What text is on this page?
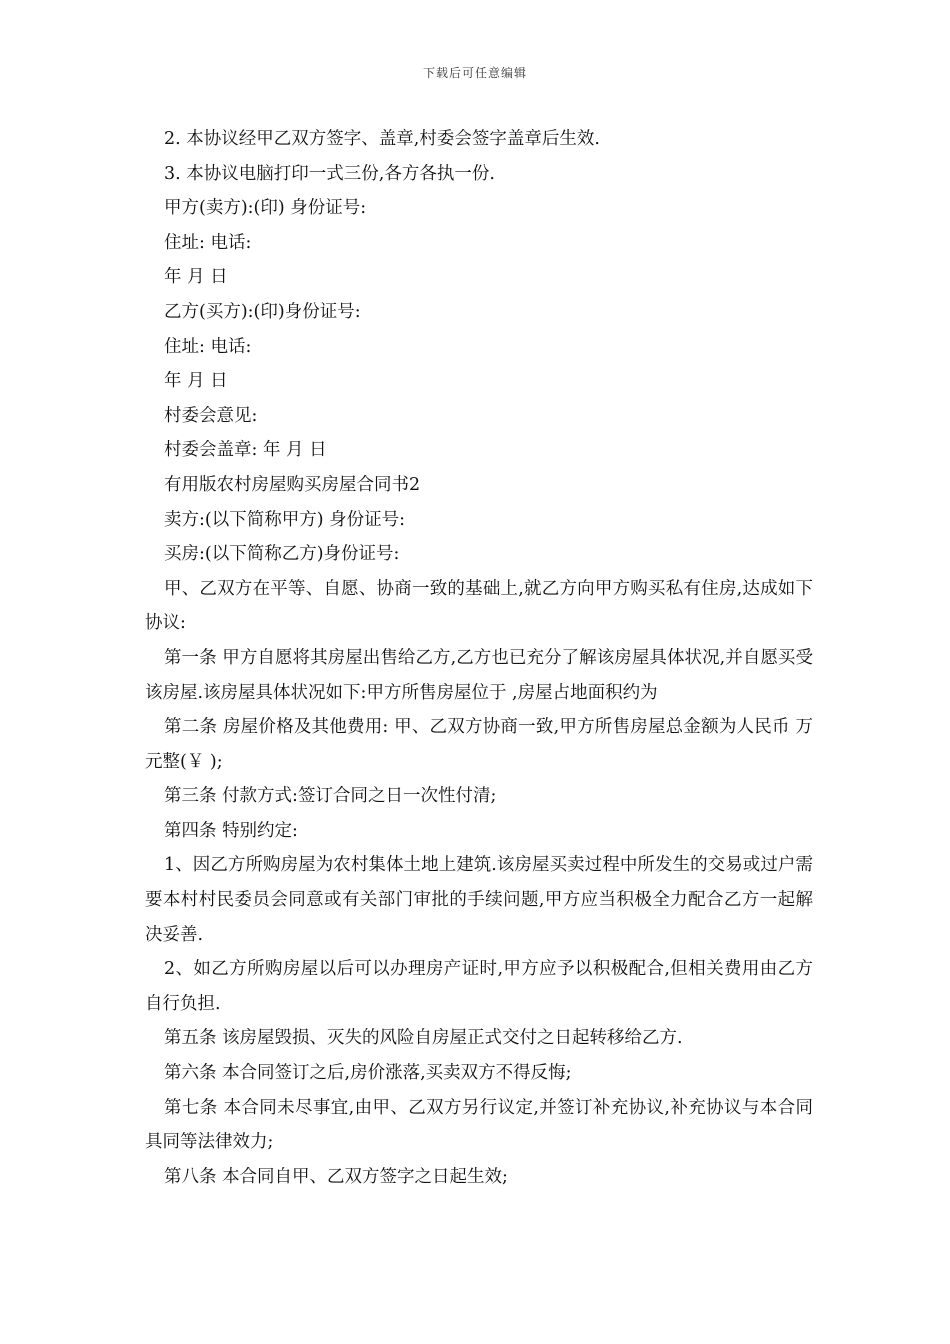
下载后可任意编辑

2. 本协议经甲乙双方签字、盖章,村委会签字盖章后生效.

3. 本协议电脑打印一式三份,各方各执一份.

甲方(卖方):(印) 身份证号:

住址: 电话:

年 月 日

乙方(买方):(印)身份证号:

住址: 电话:

年 月 日

村委会意见:

村委会盖章: 年 月 日

有用版农村房屋购买房屋合同书2

卖方:(以下简称甲方) 身份证号:

买房:(以下简称乙方)身份证号:

甲、乙双方在平等、自愿、协商一致的基础上,就乙方向甲方购买私有住房,达成如下协议:

第一条 甲方自愿将其房屋出售给乙方,乙方也已充分了解该房屋具体状况,并自愿买受该房屋.该房屋具体状况如下:甲方所售房屋位于 ,房屋占地面积约为

第二条 房屋价格及其他费用: 甲、乙双方协商一致,甲方所售房屋总金额为人民币 万元整(￥ );

第三条 付款方式:签订合同之日一次性付清;

第四条 特别约定:

1、因乙方所购房屋为农村集体土地上建筑.该房屋买卖过程中所发生的交易或过户需要本村村民委员会同意或有关部门审批的手续问题,甲方应当积极全力配合乙方一起解决妥善.

2、如乙方所购房屋以后可以办理房产证时,甲方应予以积极配合,但相关费用由乙方自行负担.

第五条 该房屋毁损、灭失的风险自房屋正式交付之日起转移给乙方.

第六条 本合同签订之后,房价涨落,买卖双方不得反悔;

第七条 本合同未尽事宜,由甲、乙双方另行议定,并签订补充协议,补充协议与本合同具同等法律效力;

第八条 本合同自甲、乙双方签字之日起生效;
